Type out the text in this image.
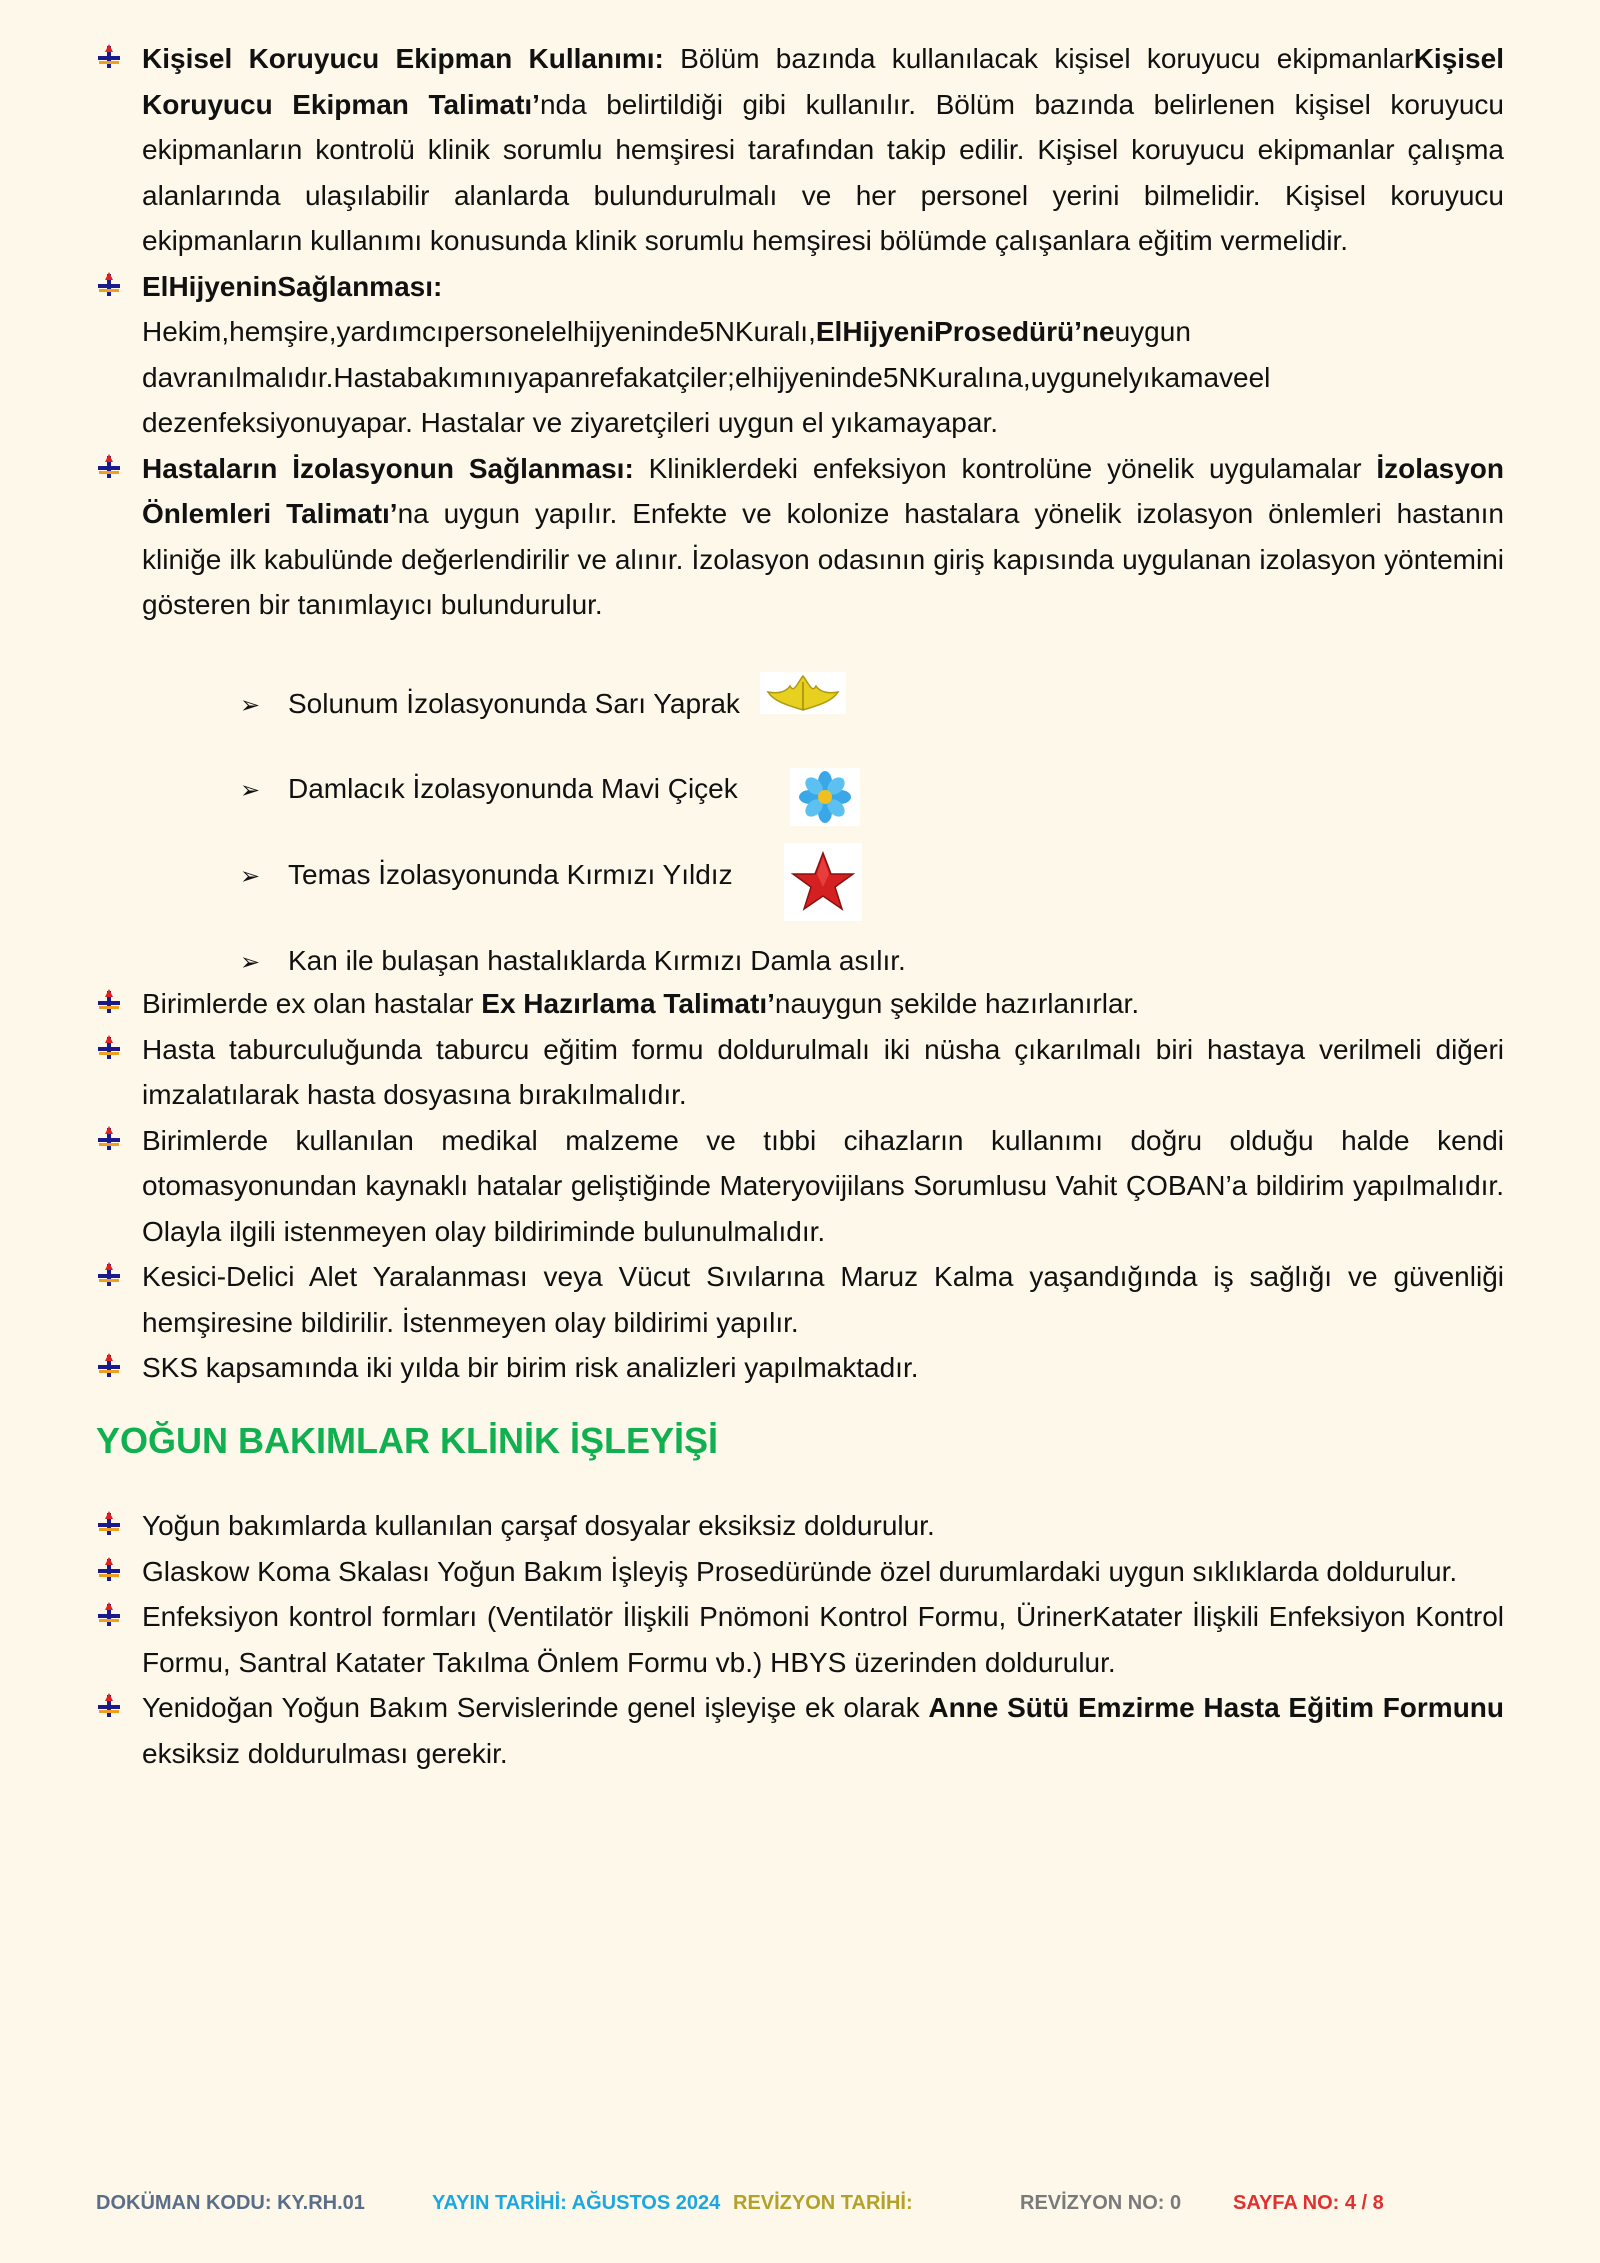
Kişisel Koruyucu Ekipman Kullanımı: Bölüm bazında kullanılacak kişisel koruyucu ekipmanlarKişisel Koruyucu Ekipman Talimatı’nda belirtildiği gibi kullanılır. Bölüm bazında belirlenen kişisel koruyucu ekipmanların kontrolü klinik sorumlu hemşiresi tarafından takip edilir. Kişisel koruyucu ekipmanlar çalışma alanlarında ulaşılabilir alanlarda bulundurulmalı ve her personel yerini bilmelidir. Kişisel koruyucu ekipmanların kullanımı konusunda klinik sorumlu hemşiresi bölümde çalışanlara eğitim vermelidir.
ElHijyeninSağlanması:
Hekim,hemşire,yardımcıpersonelelhijyeninde5NKuralı,ElHijyeniProsedürü’neuygun
davranılmalıdır.Hastabakımınıyapanrefakatçiler;elhijyeninde5NKuralına,uygunelyıkamaveel
dezenfeksiyonuyapar. Hastalar ve ziyaretçileri uygun el yıkamayapar.
Hastaların İzolasyonun Sağlanması: Kliniklerdeki enfeksiyon kontrolüne yönelik uygulamalar İzolasyon Önlemleri Talimatı’na uygun yapılır. Enfekte ve kolonize hastalara yönelik izolasyon önlemleri hastanın kliniğe ilk kabulünde değerlendirilir ve alınır. İzolasyon odasının giriş kapısında uygulanan izolasyon yöntemini gösteren bir tanımlayıcı bulundurulur.
➢ Solunum İzolasyonunda Sarı Yaprak
➢ Damlacık İzolasyonunda Mavi Çiçek
➢ Temas İzolasyonunda Kırmızı Yıldız
➢ Kan ile bulaşan hastalıklarda Kırmızı Damla asılır.
Birimlerde ex olan hastalar Ex Hazırlama Talimatı’nauygun şekilde hazırlanırlar.
Hasta taburculuğunda taburcu eğitim formu doldurulmalı iki nüsha çıkarılmalı biri hastaya verilmeli diğeri imzalatılarak hasta dosyasına bırakılmalıdır.
Birimlerde kullanılan medikal malzeme ve tıbbi cihazların kullanımı doğru olduğu halde kendi otomasyonundan kaynaklı hatalar geliştiğinde Materyovijilans Sorumlusu Vahit ÇOBAN’a bildirim yapılmalıdır. Olayla ilgili istenmeyen olay bildiriminde bulunulmalıdır.
Kesici-Delici Alet Yaralanması veya Vücut Sıvılarına Maruz Kalma yaşandığında iş sağlığı ve güvenliği hemşiresine bildirilir. İstenmeyen olay bildirimi yapılır.
SKS kapsamında iki yılda bir birim risk analizleri yapılmaktadır.
YOĞUN BAKIMLAR KLİNİK İŞLEYİŞİ
Yoğun bakımlarda kullanılan çarşaf dosyalar eksiksiz doldurulur.
Glaskow Koma Skalası Yoğun Bakım İşleyiş Prosedüründe özel durumlardaki uygun sıklıklarda doldurulur.
Enfeksiyon kontrol formları (Ventilatör İlişkili Pnömoni Kontrol Formu, ÜrinerKatater İlişkili Enfeksiyon Kontrol Formu, Santral Katater Takılma Önlem Formu vb.) HBYS üzerinden doldurulur.
Yenidoğan Yoğun Bakım Servislerinde genel işleyişe ek olarak Anne Sütü Emzirme Hasta Eğitim Formunu eksiksiz doldurulması gerekir.
DOKÜMAN KODU: KY.RH.01	YAYIN TARİHİ: AĞUSTOS 2024 REVİZYON TARİHİ:	REVİZYON NO: 0	SAYFA NO: 4 / 8
